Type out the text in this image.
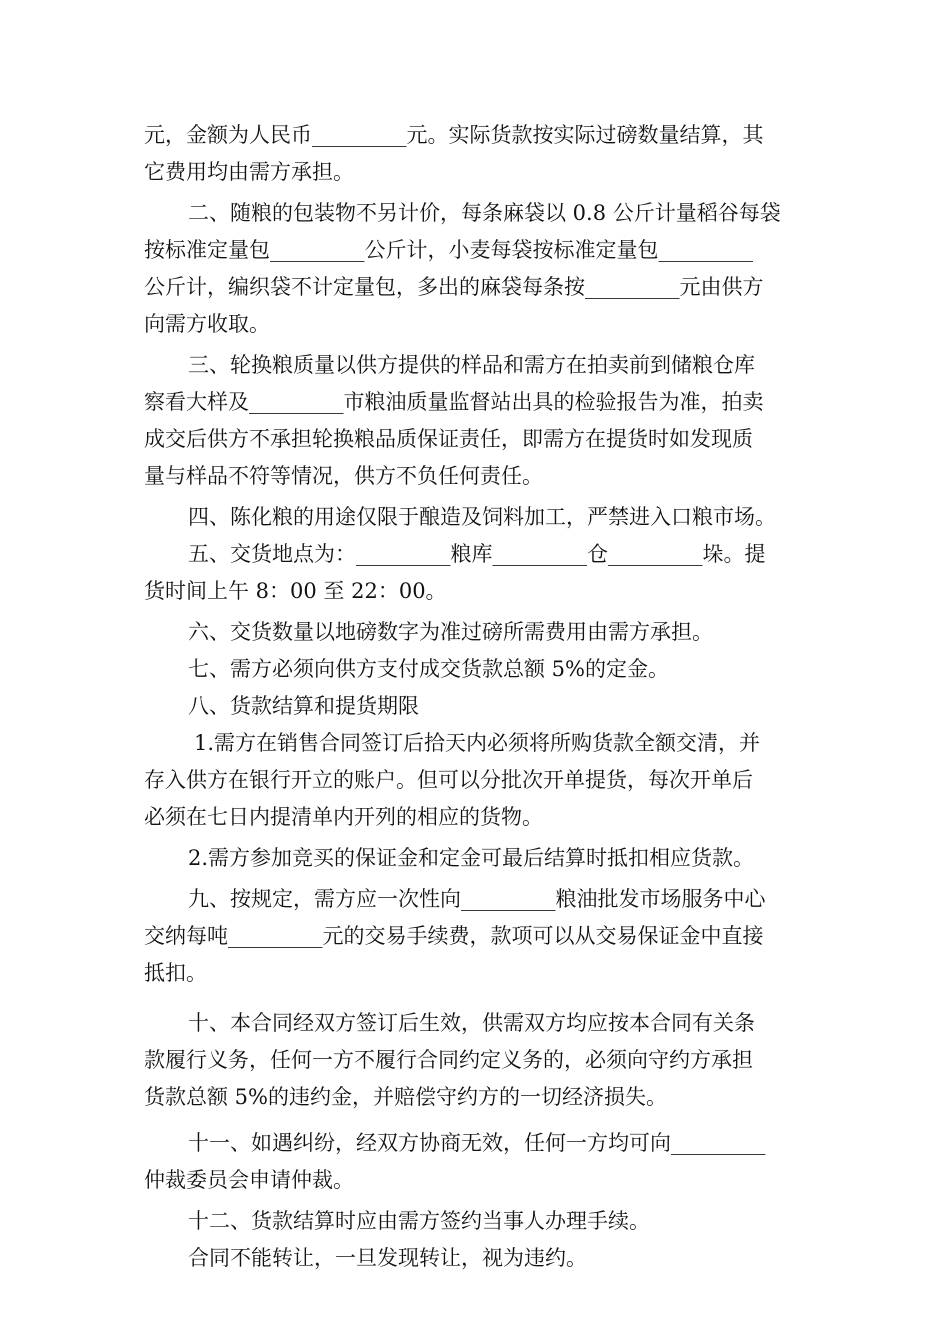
元，金额为人民币_________元。实际货款按实际过磅数量结算，其
它费用均由需方承担。
二、随粮的包装物不另计价，每条麻袋以 0.8 公斤计量稻谷每袋
按标准定量包_________公斤计，小麦每袋按标准定量包_________
公斤计，编织袋不计定量包，多出的麻袋每条按_________元由供方
向需方收取。
三、轮换粮质量以供方提供的样品和需方在拍卖前到储粮仓库
察看大样及_________市粮油质量监督站出具的检验报告为准，拍卖
成交后供方不承担轮换粮品质保证责任，即需方在提货时如发现质
量与样品不符等情况，供方不负任何责任。
四、陈化粮的用途仅限于酿造及饲料加工，严禁进入口粮市场。
五、交货地点为：_________粮库_________仓_________垛。提
货时间上午 8：00 至 22：00。
六、交货数量以地磅数字为准过磅所需费用由需方承担。
七、需方必须向供方支付成交货款总额 5%的定金。
八、货款结算和提货期限
1.需方在销售合同签订后拾天内必须将所购货款全额交清，并
存入供方在银行开立的账户。但可以分批次开单提货，每次开单后
必须在七日内提清单内开列的相应的货物。
2.需方参加竞买的保证金和定金可最后结算时抵扣相应货款。
九、按规定，需方应一次性向_________粮油批发市场服务中心
交纳每吨_________元的交易手续费，款项可以从交易保证金中直接
抵扣。
十、本合同经双方签订后生效，供需双方均应按本合同有关条
款履行义务，任何一方不履行合同约定义务的，必须向守约方承担
货款总额 5%的违约金，并赔偿守约方的一切经济损失。
十一、如遇纠纷，经双方协商无效，任何一方均可向_________
仲裁委员会申请仲裁。
十二、货款结算时应由需方签约当事人办理手续。
合同不能转让，一旦发现转让，视为违约。
